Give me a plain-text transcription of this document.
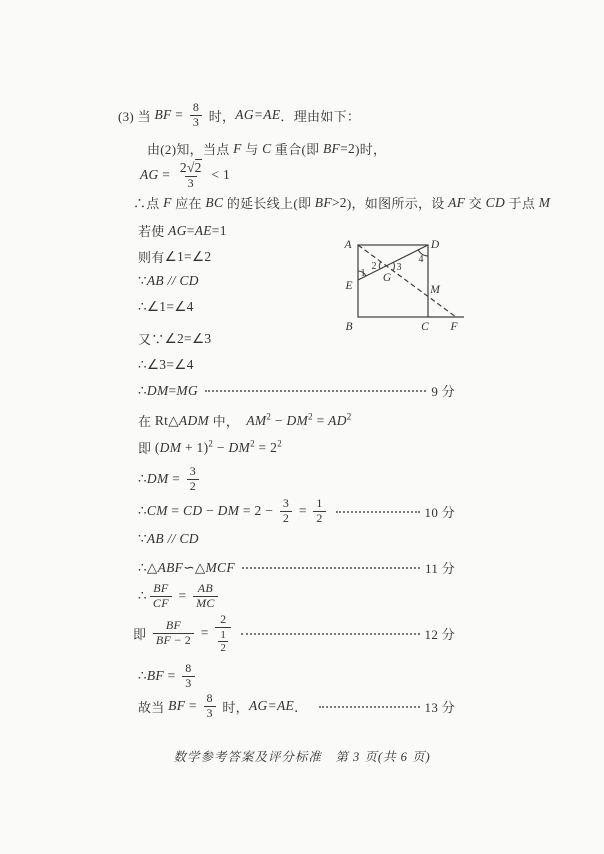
(3) 当 BF = $\frac{8}{3}$ 时， AG=AE ．理由如下：
由(2)知，当点 F 与 C 重合(即 BF =2 )时，
AG = $\frac{2√2}{3} < 1$
∴点 F 应在 BC 的延长线上(即 BF >2 )，如图所示，设 AF 交 CD 于点 M
若使 AG = AE =1
则有 ∠1=∠2
∵ AB // CD
∴ ∠1=∠4
又∵ ∠2=∠3
∴ ∠3=∠4
∴ DM = MG	9 分
在 Rt△ ADM 中， $AM^2 - DM^2 = AD^2$
即 $(DM + 1)^2 - DM^2 = 2^2$
∴ DM = $\frac{3}{2}$
∴ CM = CD − DM = $2 - \frac{3}{2} = \frac{1}{2}$	10 分
∵ AB // CD
∴△ ABF ∽△ MCF	11 分
∴ $\frac{BF}{CF} = \frac{AB}{MC}$
即 $\frac{BF}{BF - 2} = \frac{2}{\frac{1}{2}}$	12 分
∴ BF = $\frac{8}{3}$
故当 BF = $\frac{8}{3}$ 时， AG=AE ．	13 分
A	D
E
B	C F
M
G
1
2 3
4
数学参考答案及评分标准　第 3 页(共 6 页)
